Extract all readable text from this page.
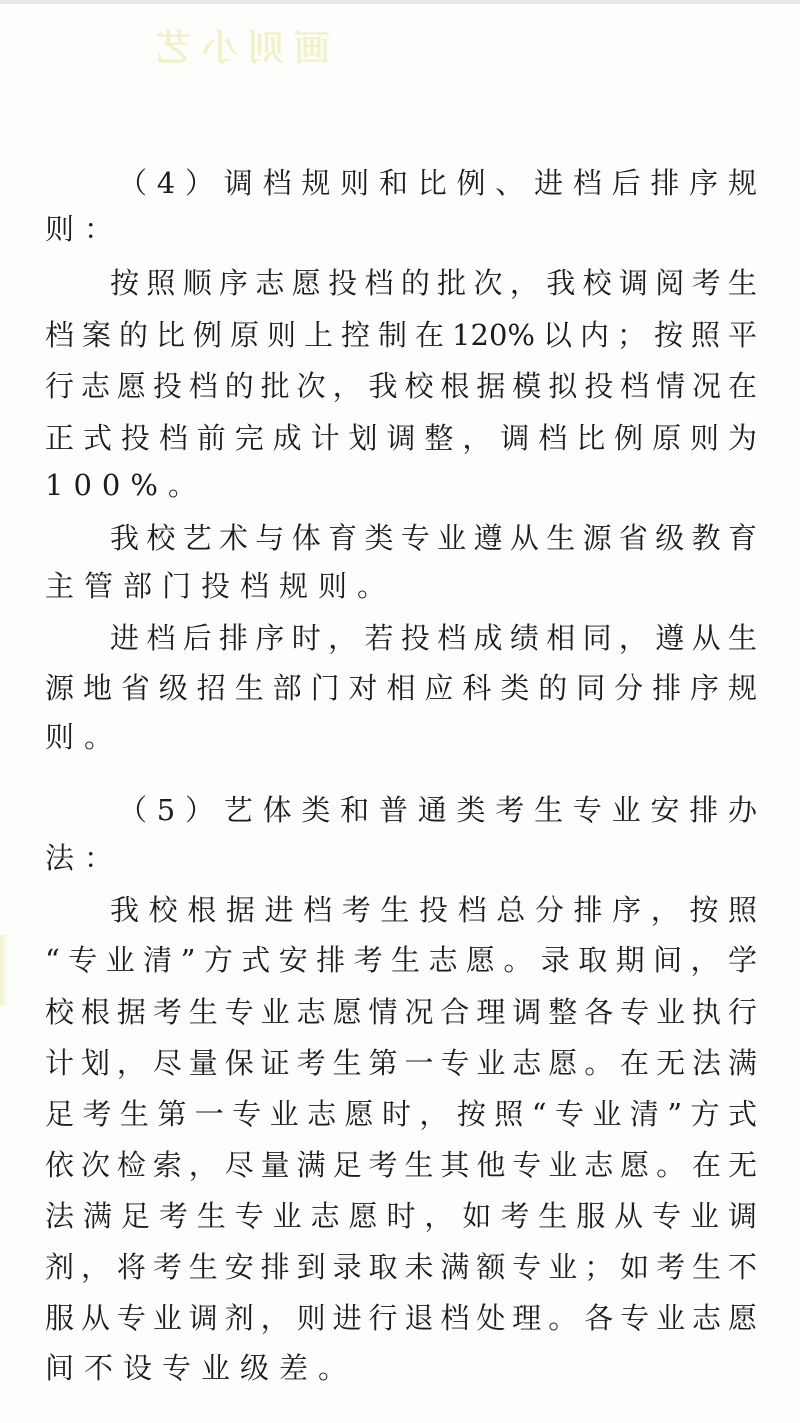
画则小艺
（4）调档规则和比例、进档后排序规
则：
按照顺序志愿投档的批次，我校调阅考生
档案的比例原则上控制在120%以内；按照平
行志愿投档的批次，我校根据模拟投档情况在
正式投档前完成计划调整，调档比例原则为
100%。
我校艺术与体育类专业遵从生源省级教育
主管部门投档规则。
进档后排序时，若投档成绩相同，遵从生
源地省级招生部门对相应科类的同分排序规
则。
（5）艺体类和普通类考生专业安排办
法：
我校根据进档考生投档总分排序，按照
“专业清”方式安排考生志愿。录取期间，学
校根据考生专业志愿情况合理调整各专业执行
计划，尽量保证考生第一专业志愿。在无法满
足考生第一专业志愿时，按照“专业清”方式
依次检索，尽量满足考生其他专业志愿。在无
法满足考生专业志愿时，如考生服从专业调
剂，将考生安排到录取未满额专业；如考生不
服从专业调剂，则进行退档处理。各专业志愿
间不设专业级差。
